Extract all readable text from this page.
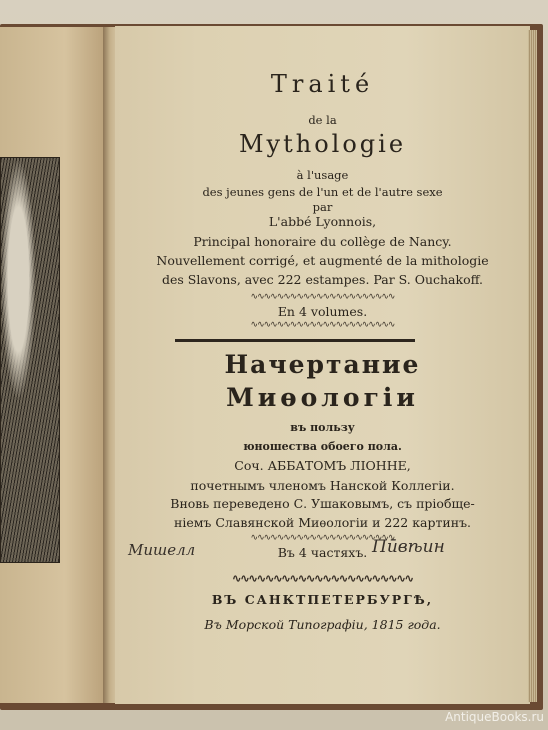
Traité
de la
Mythologie
à l'usage
des jeunes gens de l'un et de l'autre sexe
par
L'abbé Lyonnois,
Principal honoraire du collège de Nancy.
Nouvellement corrigé, et augmenté de la mithologie
des Slavons, avec 222 estampes. Par S. Ouchakoff.
∿∿∿∿∿∿∿∿∿∿∿∿∿∿∿∿∿∿∿∿∿∿
En 4 volumes.
∿∿∿∿∿∿∿∿∿∿∿∿∿∿∿∿∿∿∿∿∿∿
Начертание
Миѳологіи
въ пользу
юношества обоего пола.
Соч. АББАТОМЪ ЛІОННЕ,
почетнымъ членомъ Нанской Коллегіи.
Вновь переведено С. Ушаковымъ, съ пріобще-
ніемъ Славянской Миѳологіи и 222 картинъ.
∿∿∿∿∿∿∿∿∿∿∿∿∿∿∿∿∿∿∿∿∿∿
Въ 4 частяхъ.
∿∿∿∿∿∿∿∿∿∿∿∿∿∿∿∿∿∿∿∿∿∿
ВЪ САНКТПЕТЕРБУРГѢ,
Въ Морской Типографіи, 1815 года.
Мишелл	Пӣвѣин
AntiqueBooks.ru
